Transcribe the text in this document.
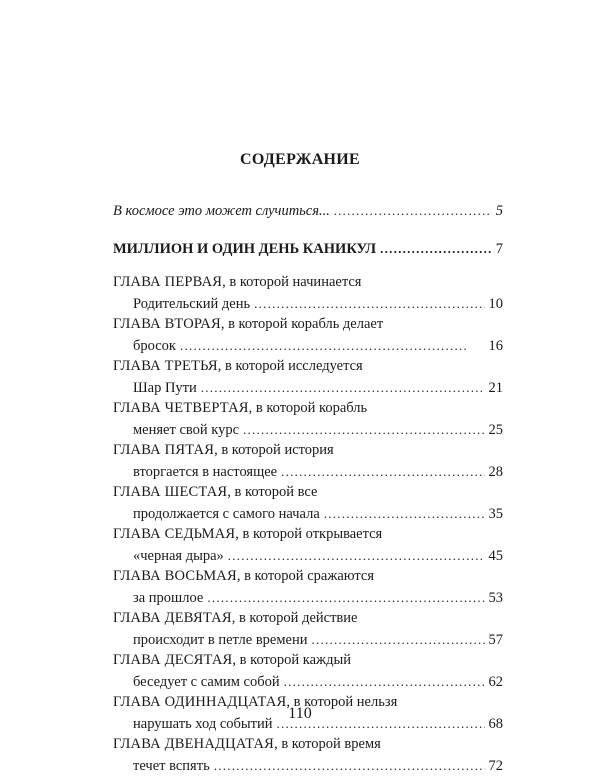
СОДЕРЖАНИЕ
В космосе это может случиться... . . .	5
МИЛЛИОН И ОДИН ДЕНЬ КАНИКУЛ . . .	7
ГЛАВА ПЕРВАЯ, в которой начинается
Родительский день . . .	10
ГЛАВА ВТОРАЯ, в которой корабль делает
бросок . . .	16
ГЛАВА ТРЕТЬЯ, в которой исследуется
Шар Пути . . .	21
ГЛАВА ЧЕТВЕРТАЯ, в которой корабль
меняет свой курс . . .	25
ГЛАВА ПЯТАЯ, в которой история
вторгается в настоящее . . .	28
ГЛАВА ШЕСТАЯ, в которой все
продолжается с самого начала . . .	35
ГЛАВА СЕДЬМАЯ, в которой открывается
«черная дыра» . . .	45
ГЛАВА ВОСЬМАЯ, в которой сражаются
за прошлое . . .	53
ГЛАВА ДЕВЯТАЯ, в которой действие
происходит в петле времени . . .	57
ГЛАВА ДЕСЯТАЯ, в которой каждый
беседует с самим собой . . .	62
ГЛАВА ОДИННАДЦАТАЯ, в которой нельзя
нарушать ход событий . . .	68
ГЛАВА ДВЕНАДЦАТАЯ, в которой время
течет вспять . . .	72
110
